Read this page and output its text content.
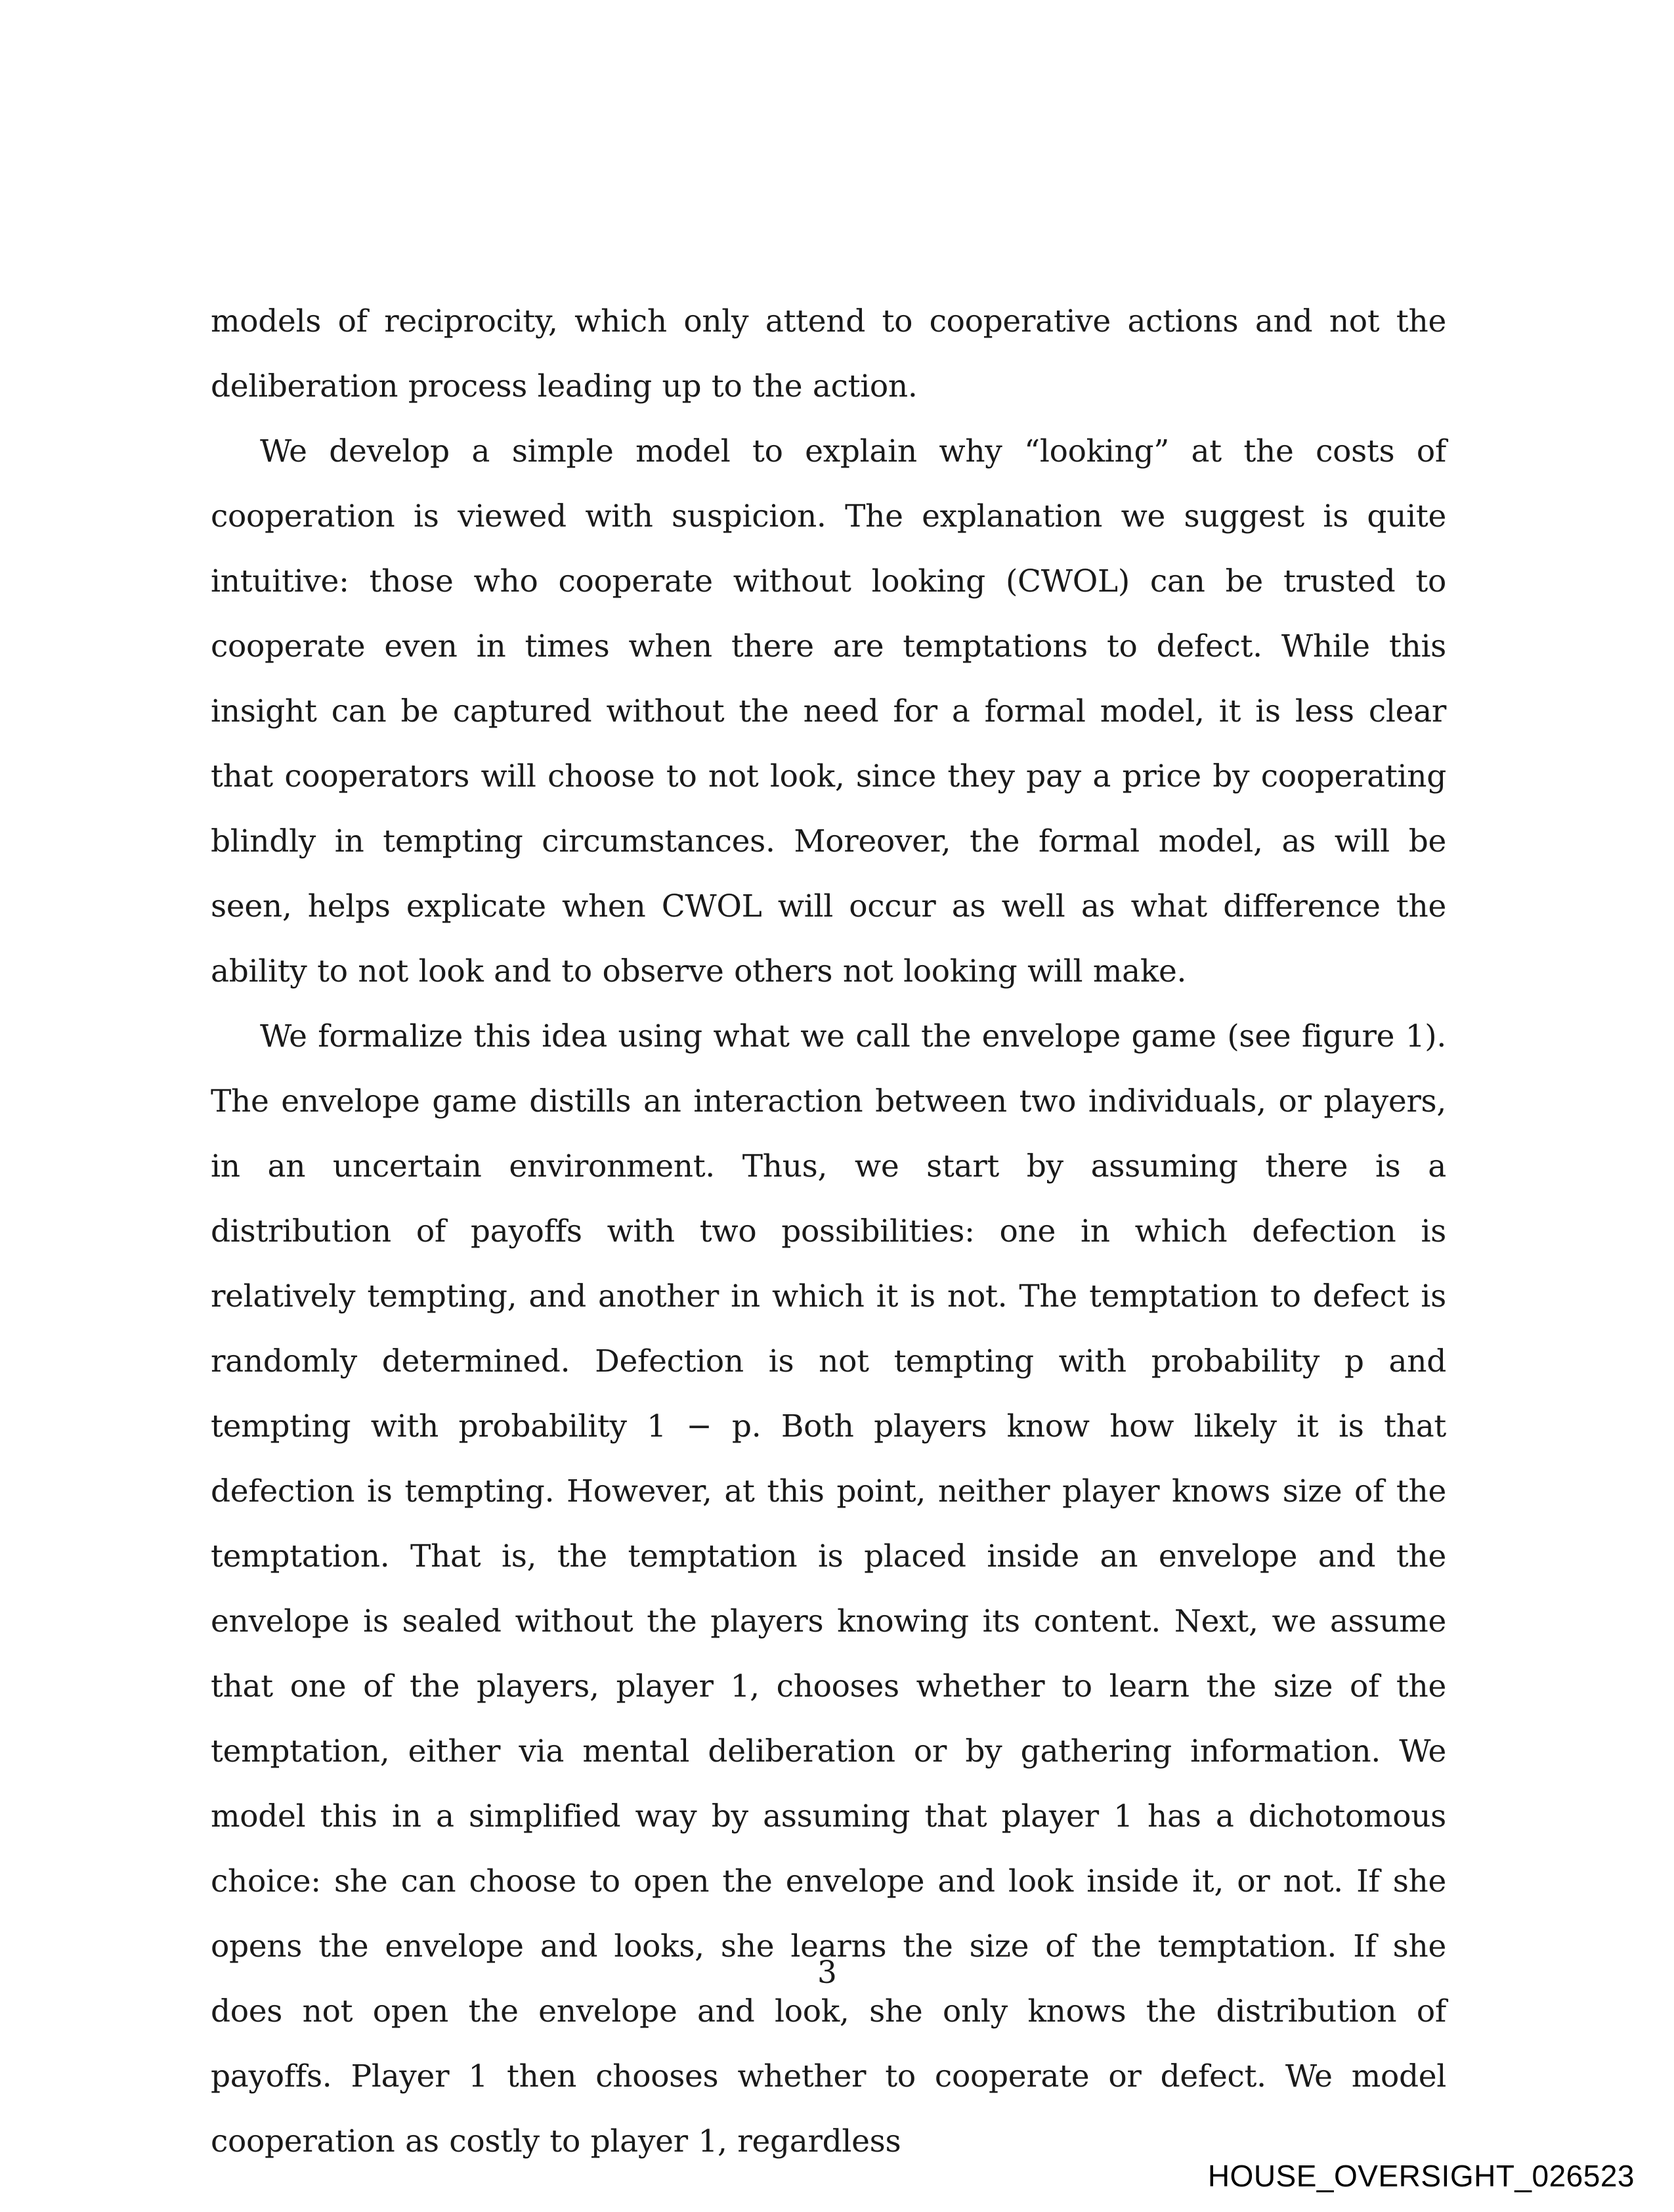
models of reciprocity, which only attend to cooperative actions and not the deliberation process leading up to the action.

We develop a simple model to explain why “looking” at the costs of cooperation is viewed with suspicion. The explanation we suggest is quite intuitive: those who cooperate without looking (CWOL) can be trusted to cooperate even in times when there are temptations to defect. While this insight can be captured without the need for a formal model, it is less clear that cooperators will choose to not look, since they pay a price by cooperating blindly in tempting circumstances. Moreover, the formal model, as will be seen, helps explicate when CWOL will occur as well as what difference the ability to not look and to observe others not looking will make.

We formalize this idea using what we call the envelope game (see figure 1). The envelope game distills an interaction between two individuals, or players, in an uncertain environment. Thus, we start by assuming there is a distribution of payoffs with two possibilities: one in which defection is relatively tempting, and another in which it is not. The temptation to defect is randomly determined. Defection is not tempting with probability p and tempting with probability 1 − p. Both players know how likely it is that defection is tempting. However, at this point, neither player knows size of the temptation. That is, the temptation is placed inside an envelope and the envelope is sealed without the players knowing its content. Next, we assume that one of the players, player 1, chooses whether to learn the size of the temptation, either via mental deliberation or by gathering information. We model this in a simplified way by assuming that player 1 has a dichotomous choice: she can choose to open the envelope and look inside it, or not. If she opens the envelope and looks, she learns the size of the temptation. If she does not open the envelope and look, she only knows the distribution of payoffs. Player 1 then chooses whether to cooperate or defect. We model cooperation as costly to player 1, regardless

3
HOUSE_OVERSIGHT_026523
